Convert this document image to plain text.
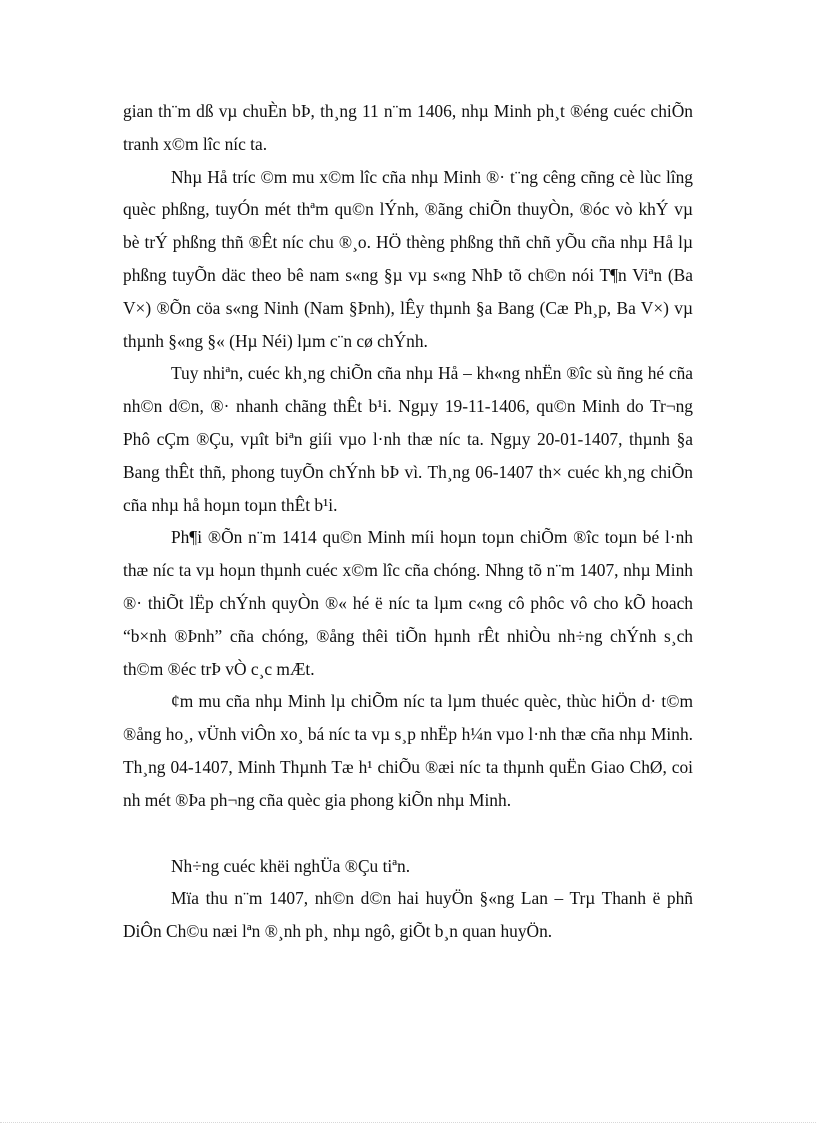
gian th¨m dß vµ chuÈn bÞ, th¸ng 11 n¨m 1406, nhµ Minh ph¸t ®éng cuéc chiÕn tranh x©m lîc níc ta.

Nhµ Hå tríc ©m mu x©m lîc cña nhµ Minh ®· t¨ng cêng cñng cè lùc lîng quèc phßng, tuyÓn mét thªm qu©n lÝnh, ®ãng chiÕn thuyÒn, ®óc vò khÝ vµ bè trÝ phßng thñ ®Êt níc chu ®¸o. HÖ thèng phßng thñ chñ yÕu cña nhµ Hå lµ phßng tuyÕn däc theo bê nam s«ng §µ vµ s«ng NhÞ tõ ch©n nói T¶n Viªn (Ba V×) ®Õn cöa s«ng Ninh (Nam §Þnh), lÊy thµnh §a Bang (Cæ Ph¸p, Ba V×) vµ thµnh §«ng §« (Hµ Néi) lµm c¨n cø chÝnh.

Tuy nhiªn, cuéc kh¸ng chiÕn cña nhµ Hå – kh«ng nhËn ®îc sù ñng hé cña nh©n d©n, ®· nhanh chãng thÊt b¹i. Ngµy 19-11-1406, qu©n Minh do Tr¬ng Phô cÇm ®Çu, vµît biªn giíi vµo l·nh thæ níc ta. Ngµy 20-01-1407, thµnh §a Bang thÊt thñ, phong tuyÕn chÝnh bÞ vì. Th¸ng 06-1407 th× cuéc kh¸ng chiÕn cña nhµ hå hoµn toµn thÊt b¹i.

Ph¶i ®Õn n¨m 1414 qu©n Minh míi hoµn toµn chiÕm ®îc toµn bé l·nh thæ níc ta vµ hoµn thµnh cuéc x©m lîc cña chóng. Nhng tõ n¨m 1407, nhµ Minh ®· thiÕt lËp chÝnh quyÒn ®« hé ë níc ta lµm c«ng cô phôc vô cho kÕ hoach “b×nh ®Þnh” cña chóng, ®ång thêi tiÕn hµnh rÊt nhiÒu nh÷ng chÝnh s¸ch th©m ®éc trÞ vÒ c¸c mÆt.

¢m mu cña nhµ Minh lµ chiÕm níc ta lµm thuéc quèc, thùc hiÖn d· t©m ®ång ho¸, vÜnh viÔn xo¸ bá níc ta vµ s¸p nhËp h¼n vµo l·nh thæ cña nhµ Minh. Th¸ng 04-1407, Minh Thµnh Tæ h¹ chiÕu ®æi níc ta thµnh quËn Giao ChØ, coi nh mét ®Þa ph¬ng cña quèc gia phong kiÕn nhµ Minh.

Nh÷ng cuéc khëi nghÜa ®Çu tiªn.

Mïa thu n¨m 1407, nh©n d©n hai huyÖn §«ng Lan – Trµ Thanh ë phñ DiÔn Ch©u næi lªn ®¸nh ph¸ nhµ ngô, giÕt b¸n quan huyÖn.
